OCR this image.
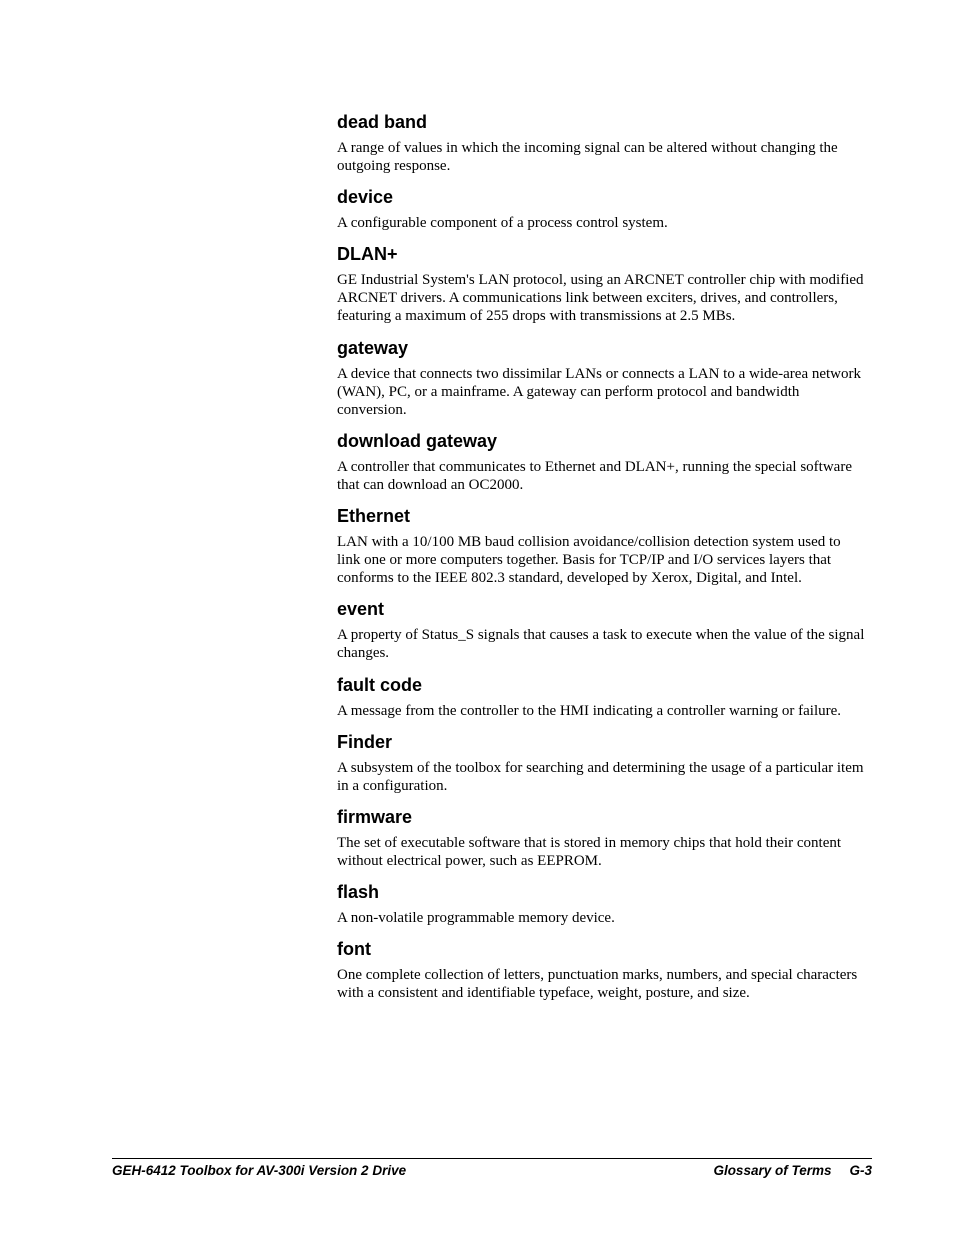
dead band

A range of values in which the incoming signal can be altered without changing the outgoing response.

device

A configurable component of a process control system.

DLAN+

GE Industrial System's LAN protocol, using an ARCNET controller chip with modified ARCNET drivers. A communications link between exciters, drives, and controllers, featuring a maximum of 255 drops with transmissions at 2.5 MBs.

gateway

A device that connects two dissimilar LANs or connects a LAN to a wide-area network (WAN), PC, or a mainframe. A gateway can perform protocol and bandwidth conversion.

download gateway

A controller that communicates to Ethernet and DLAN+, running the special software that can download an OC2000.

Ethernet

LAN with a 10/100 MB baud collision avoidance/collision detection system used to link one or more computers together. Basis for TCP/IP and I/O services layers that conforms to the IEEE 802.3 standard, developed by Xerox, Digital, and Intel.

event

A property of Status_S signals that causes a task to execute when the value of the signal changes.

fault code

A message from the controller to the HMI indicating a controller warning or failure.

Finder

A subsystem of the toolbox for searching and determining the usage of a particular item in a configuration.

firmware

The set of executable software that is stored in memory chips that hold their content without electrical power, such as EEPROM.

flash

A non-volatile programmable memory device.

font

One complete collection of letters, punctuation marks, numbers, and special characters with a consistent and identifiable typeface, weight, posture, and size.

GEH-6412 Toolbox for AV-300i Version 2 Drive	Glossary of Terms G-3
